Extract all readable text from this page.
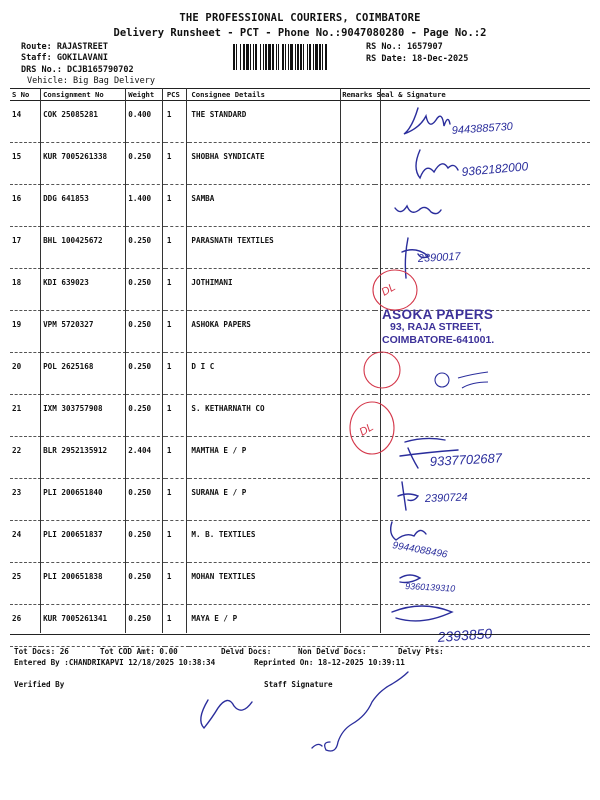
THE PROFESSIONAL COURIERS, COIMBATORE
Delivery Runsheet - PCT - Phone No.:9047080280 - Page No.:2
Route: RAJASTREET
Staff: GOKILAVANI
DRS No.: DCJB165790702
Vehicle: Big Bag Delivery
RS No.: 1657907
RS Date: 18-Dec-2025
S No	Consignment No	Weight	PCS	Consignee Details	Remarks	Seal & Signature
14	COK 25085281	0.400	1	THE STANDARD		
15	KUR 7005261338	0.250	1	SHOBHA SYNDICATE		
16	DDG 641853	1.400	1	SAMBA		
17	BHL 100425672	0.250	1	PARASNATH TEXTILES		
18	KDI 639023	0.250	1	JOTHIMANI		
19	VPM 5720327	0.250	1	ASHOKA PAPERS		
20	POL 2625168	0.250	1	D I C		
21	IXM 303757908	0.250	1	S. KETHARNATH CO		
22	BLR 2952135912	2.404	1	MAMTHA E / P		
23	PLI 200651840	0.250	1	SURANA E / P		
24	PLI 200651837	0.250	1	M. B. TEXTILES		
25	PLI 200651838	0.250	1	MOHAN TEXTILES		
26	KUR 7005261341	0.250	1	MAYA E / P		
ASOKA PAPERS
93, RAJA STREET,
COIMBATORE-641001.
9443885730
9362182000
2390017
9337702687
2390724
9944088496
9360139310
2393850
DL
DL
Tot Docs: 26	Tot COD Amt: 0.00	Delvd Docs:	Non Delvd Docs:	Delvy Pts:
Entered By :CHANDRIKAPVI 12/18/2025 10:38:34	Reprinted On: 18-12-2025 10:39:11
Verified By	Staff Signature
